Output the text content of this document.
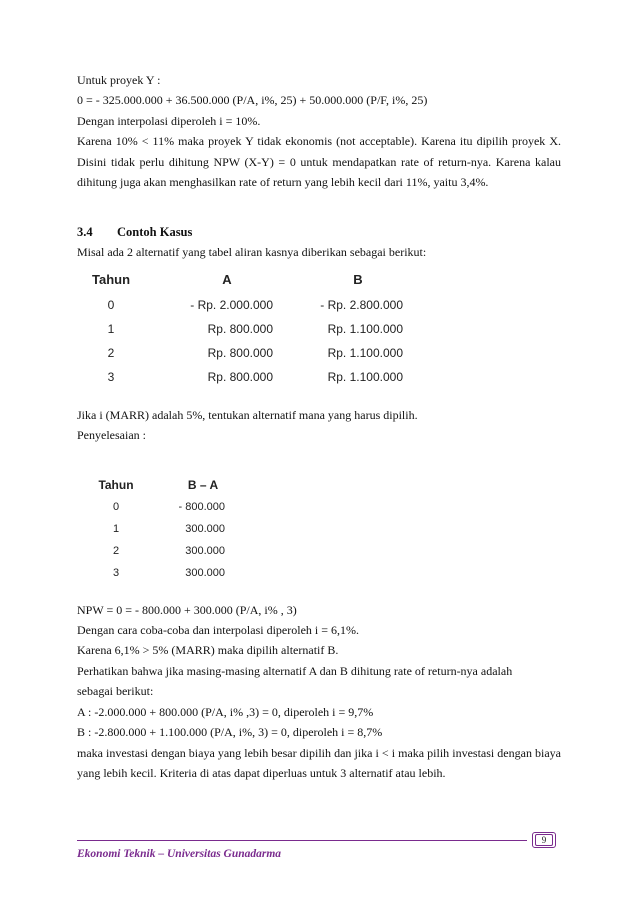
Untuk proyek Y :

0 = - 325.000.000 + 36.500.000 (P/A, i%, 25) + 50.000.000 (P/F, i%, 25)

Dengan interpolasi diperoleh i = 10%.

Karena 10% < 11% maka proyek Y tidak ekonomis (not acceptable). Karena itu dipilih proyek X. Disini tidak perlu dihitung NPW (X-Y) = 0 untuk mendapatkan rate of return-nya. Karena kalau dihitung juga akan menghasilkan rate of return yang lebih kecil dari 11%, yaitu 3,4%.

3.4 Contoh Kasus

Misal ada 2 alternatif yang tabel aliran kasnya diberikan sebagai berikut:

Tahun	A	B
0	- Rp. 2.000.000	- Rp. 2.800.000
1	Rp. 800.000	Rp. 1.100.000
2	Rp. 800.000	Rp. 1.100.000
3	Rp. 800.000	Rp. 1.100.000

Jika i (MARR) adalah 5%, tentukan alternatif mana yang harus dipilih.

Penyelesaian :

Tahun	B – A
0	- 800.000
1	300.000
2	300.000
3	300.000

NPW = 0 = - 800.000 + 300.000 (P/A, i% , 3)

Dengan cara coba-coba dan interpolasi diperoleh i = 6,1%.

Karena 6,1% > 5% (MARR) maka dipilih alternatif B.

Perhatikan bahwa jika masing-masing alternatif A dan B dihitung rate of return-nya adalah

sebagai berikut:

A : -2.000.000 + 800.000 (P/A, i% ,3) = 0, diperoleh i = 9,7%

B : -2.800.000 + 1.100.000 (P/A, i%, 3) = 0, diperoleh i = 8,7%

maka investasi dengan biaya yang lebih besar dipilih dan jika i < i maka pilih investasi dengan biaya yang lebih kecil. Kriteria di atas dapat diperluas untuk 3 alternatif atau lebih.

9
Ekonomi Teknik – Universitas Gunadarma
